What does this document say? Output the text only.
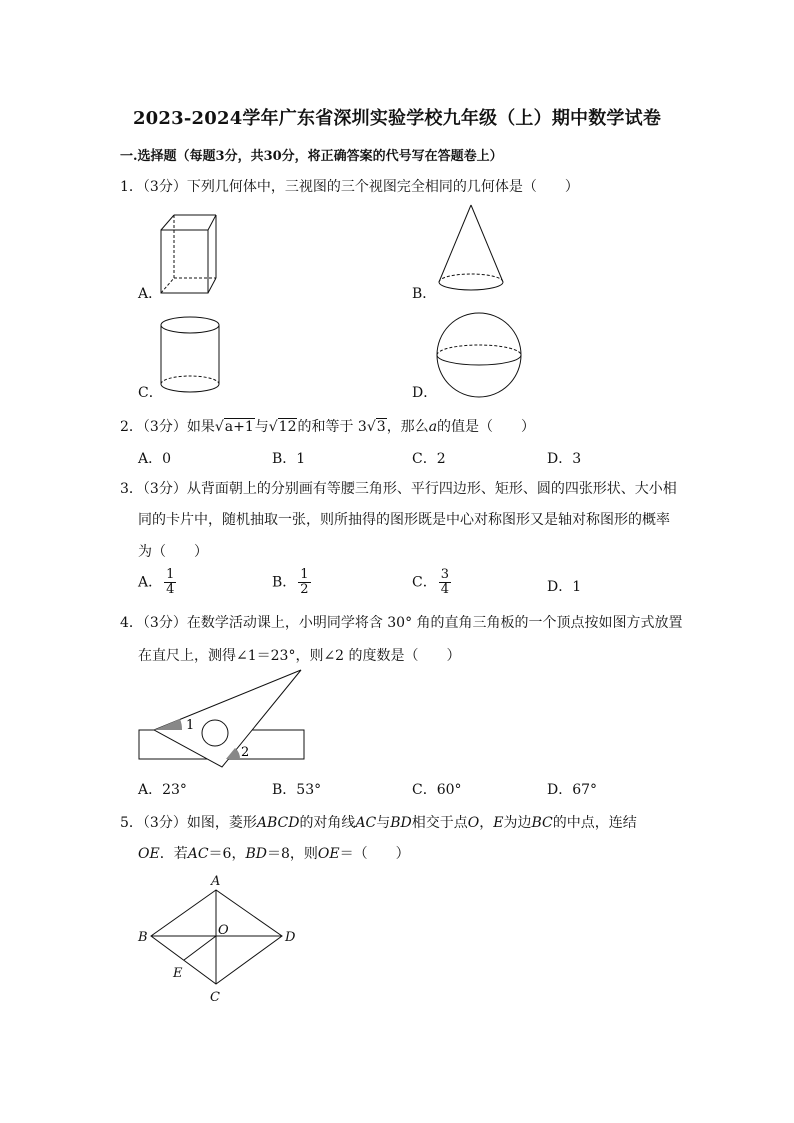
2023-2024学年广东省深圳实验学校九年级（上）期中数学试卷
一.选择题（每题3分，共30分，将正确答案的代号写在答题卷上）
1．（3分）下列几何体中，三视图的三个视图完全相同的几何体是（　　）
A．	B．
C．	D．
2．（3分）如果√a+1与√12的和等于 3√3，那么a的值是（　　）
A．0	B．1	C．2	D．3
3．（3分）从背面朝上的分别画有等腰三角形、平行四边形、矩形、圆的四张形状、大小相
同的卡片中，随机抽取一张，则所抽得的图形既是中心对称图形又是轴对称图形的概率
为（　　）
A． $\frac{1}{4}$	B． $\frac{1}{2}$	C． $\frac{3}{4}$	D．1
4．（3分）在数学活动课上，小明同学将含 30° 角的直角三角板的一个顶点按如图方式放置
在直尺上，测得∠1＝23°，则∠2 的度数是（　　）
1
2
A．23°	B．53°	C．60°	D．67°
5．（3分）如图，菱形ABCD的对角线AC与BD相交于点O，E为边BC的中点，连结
OE．若AC＝6，BD＝8，则OE＝（　　）
A
B
C
D
O
E
